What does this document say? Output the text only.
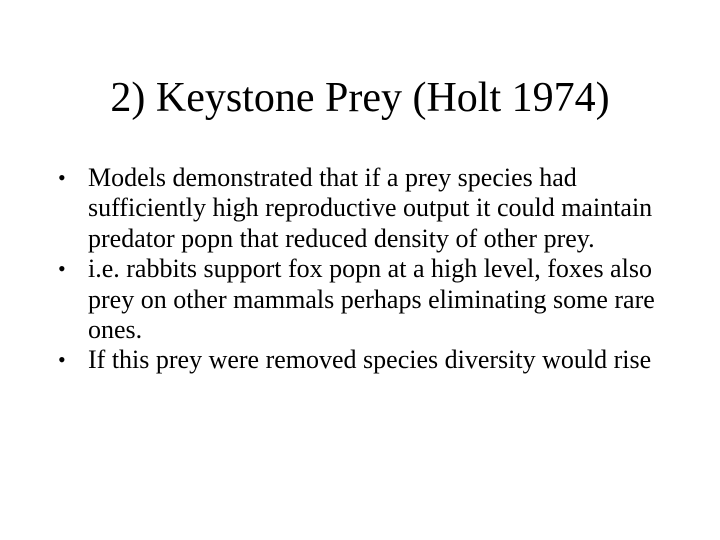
2) Keystone Prey (Holt 1974)
• Models demonstrated that if a prey species had sufficiently high reproductive output it could maintain predator popn that reduced density of other prey.
• i.e. rabbits support fox popn at a high level, foxes also prey on other mammals perhaps eliminating some rare ones.
• If this prey were removed species diversity would rise
